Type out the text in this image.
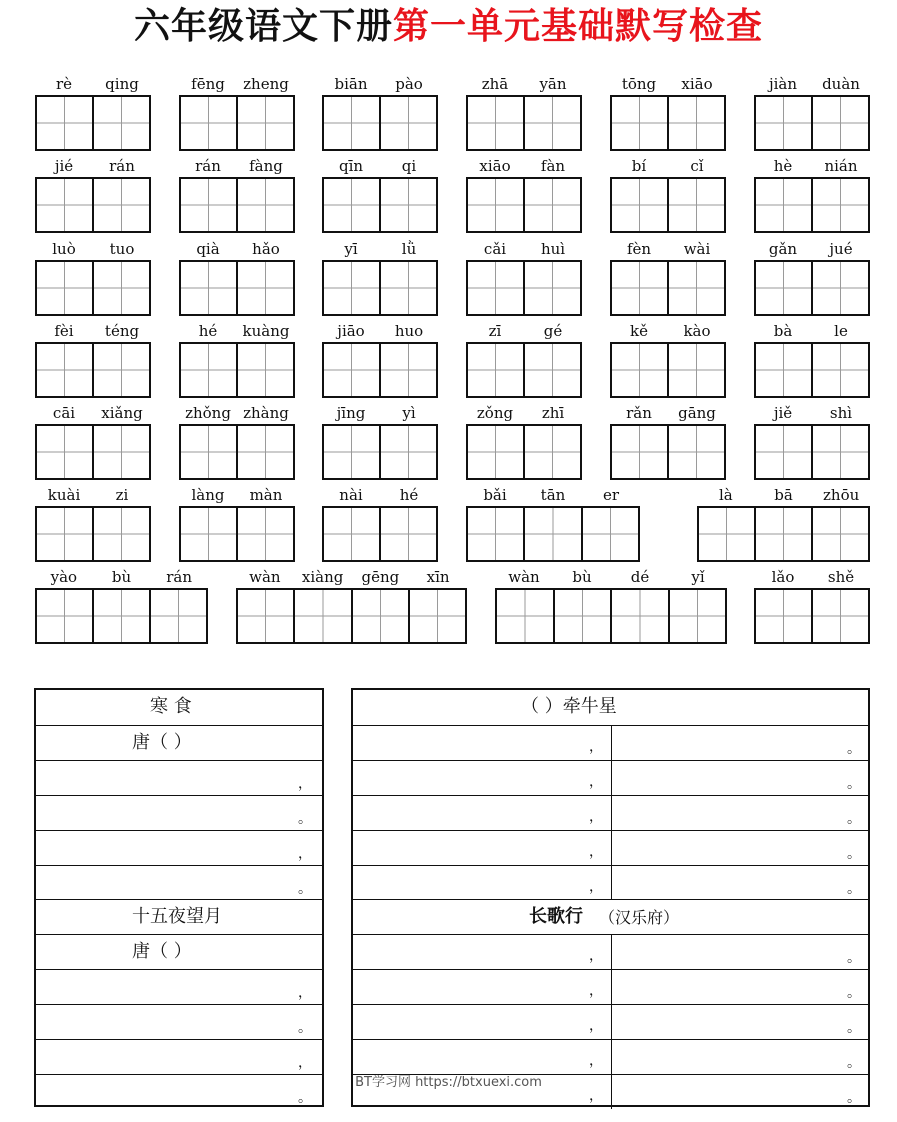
六年级语文下册第一单元基础默写检查
rè qing	fēng zheng	biān pào	zhā yān	tōng xiāo	jiàn duàn
jié rán	rán fàng	qīn	qi	xiāo fàn	bí	cǐ	hè nián
luò tuo	qià hǎo	yī	lǜ	cǎi huì	fèn wài	gǎn jué
fèi téng	hé kuàng	jiāo huo	zī	gé	kě kào	bà	le
cāi xiǎng	zhǒng zhàng	jīng yì	zǒng zhī	rǎn gāng	jiě	shì
kuài zi	làng màn	nài hé	bǎi tān	er	là	bā zhōu
yào bù rán	wàn xiàng gēng xīn	wàn bù	dé	yǐ	lǎo shě
寒 食
唐（ ）
，
。
，
。
十五夜望月
唐（ ）
，
。
，
。
（ ）牵牛星
，	。
，	。
，	。
，	。
，	。
长歌行 （汉乐府）
，	。
，	。
，	。
，	。
，	。
BT学习网 https://btxuexi.com
